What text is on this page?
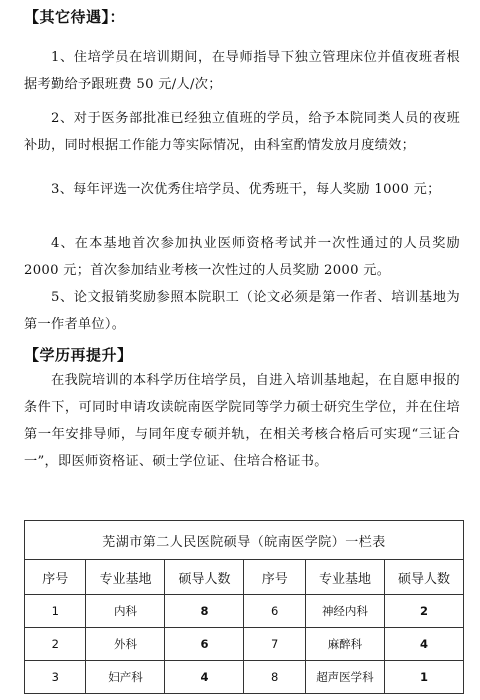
【其它待遇】：

1、住培学员在培训期间，在导师指导下独立管理床位并值夜班者根据考勤给予跟班费 50 元/人/次；

2、对于医务部批准已经独立值班的学员，给予本院同类人员的夜班补助，同时根据工作能力等实际情况，由科室酌情发放月度绩效；

3、每年评选一次优秀住培学员、优秀班干，每人奖励 1000 元；

4、在本基地首次参加执业医师资格考试并一次性通过的人员奖励 2000 元；首次参加结业考核一次性过的人员奖励 2000 元。

5、论文报销奖励参照本院职工（论文必须是第一作者、培训基地为第一作者单位）。

【学历再提升】

在我院培训的本科学历住培学员，自进入培训基地起，在自愿申报的条件下，可同时申请攻读皖南医学院同等学力硕士研究生学位，并在住培第一年安排导师，与同年度专硕并轨，在相关考核合格后可实现“三证合一”，即医师资格证、硕士学位证、住培合格证书。

芜湖市第二人民医院硕导（皖南医学院）一栏表					
序号	专业基地	硕导人数	序号	专业基地	硕导人数
1	内科	8	6	神经内科	2
2	外科	6	7	麻醉科	4
3	妇产科	4	8	超声医学科	1
